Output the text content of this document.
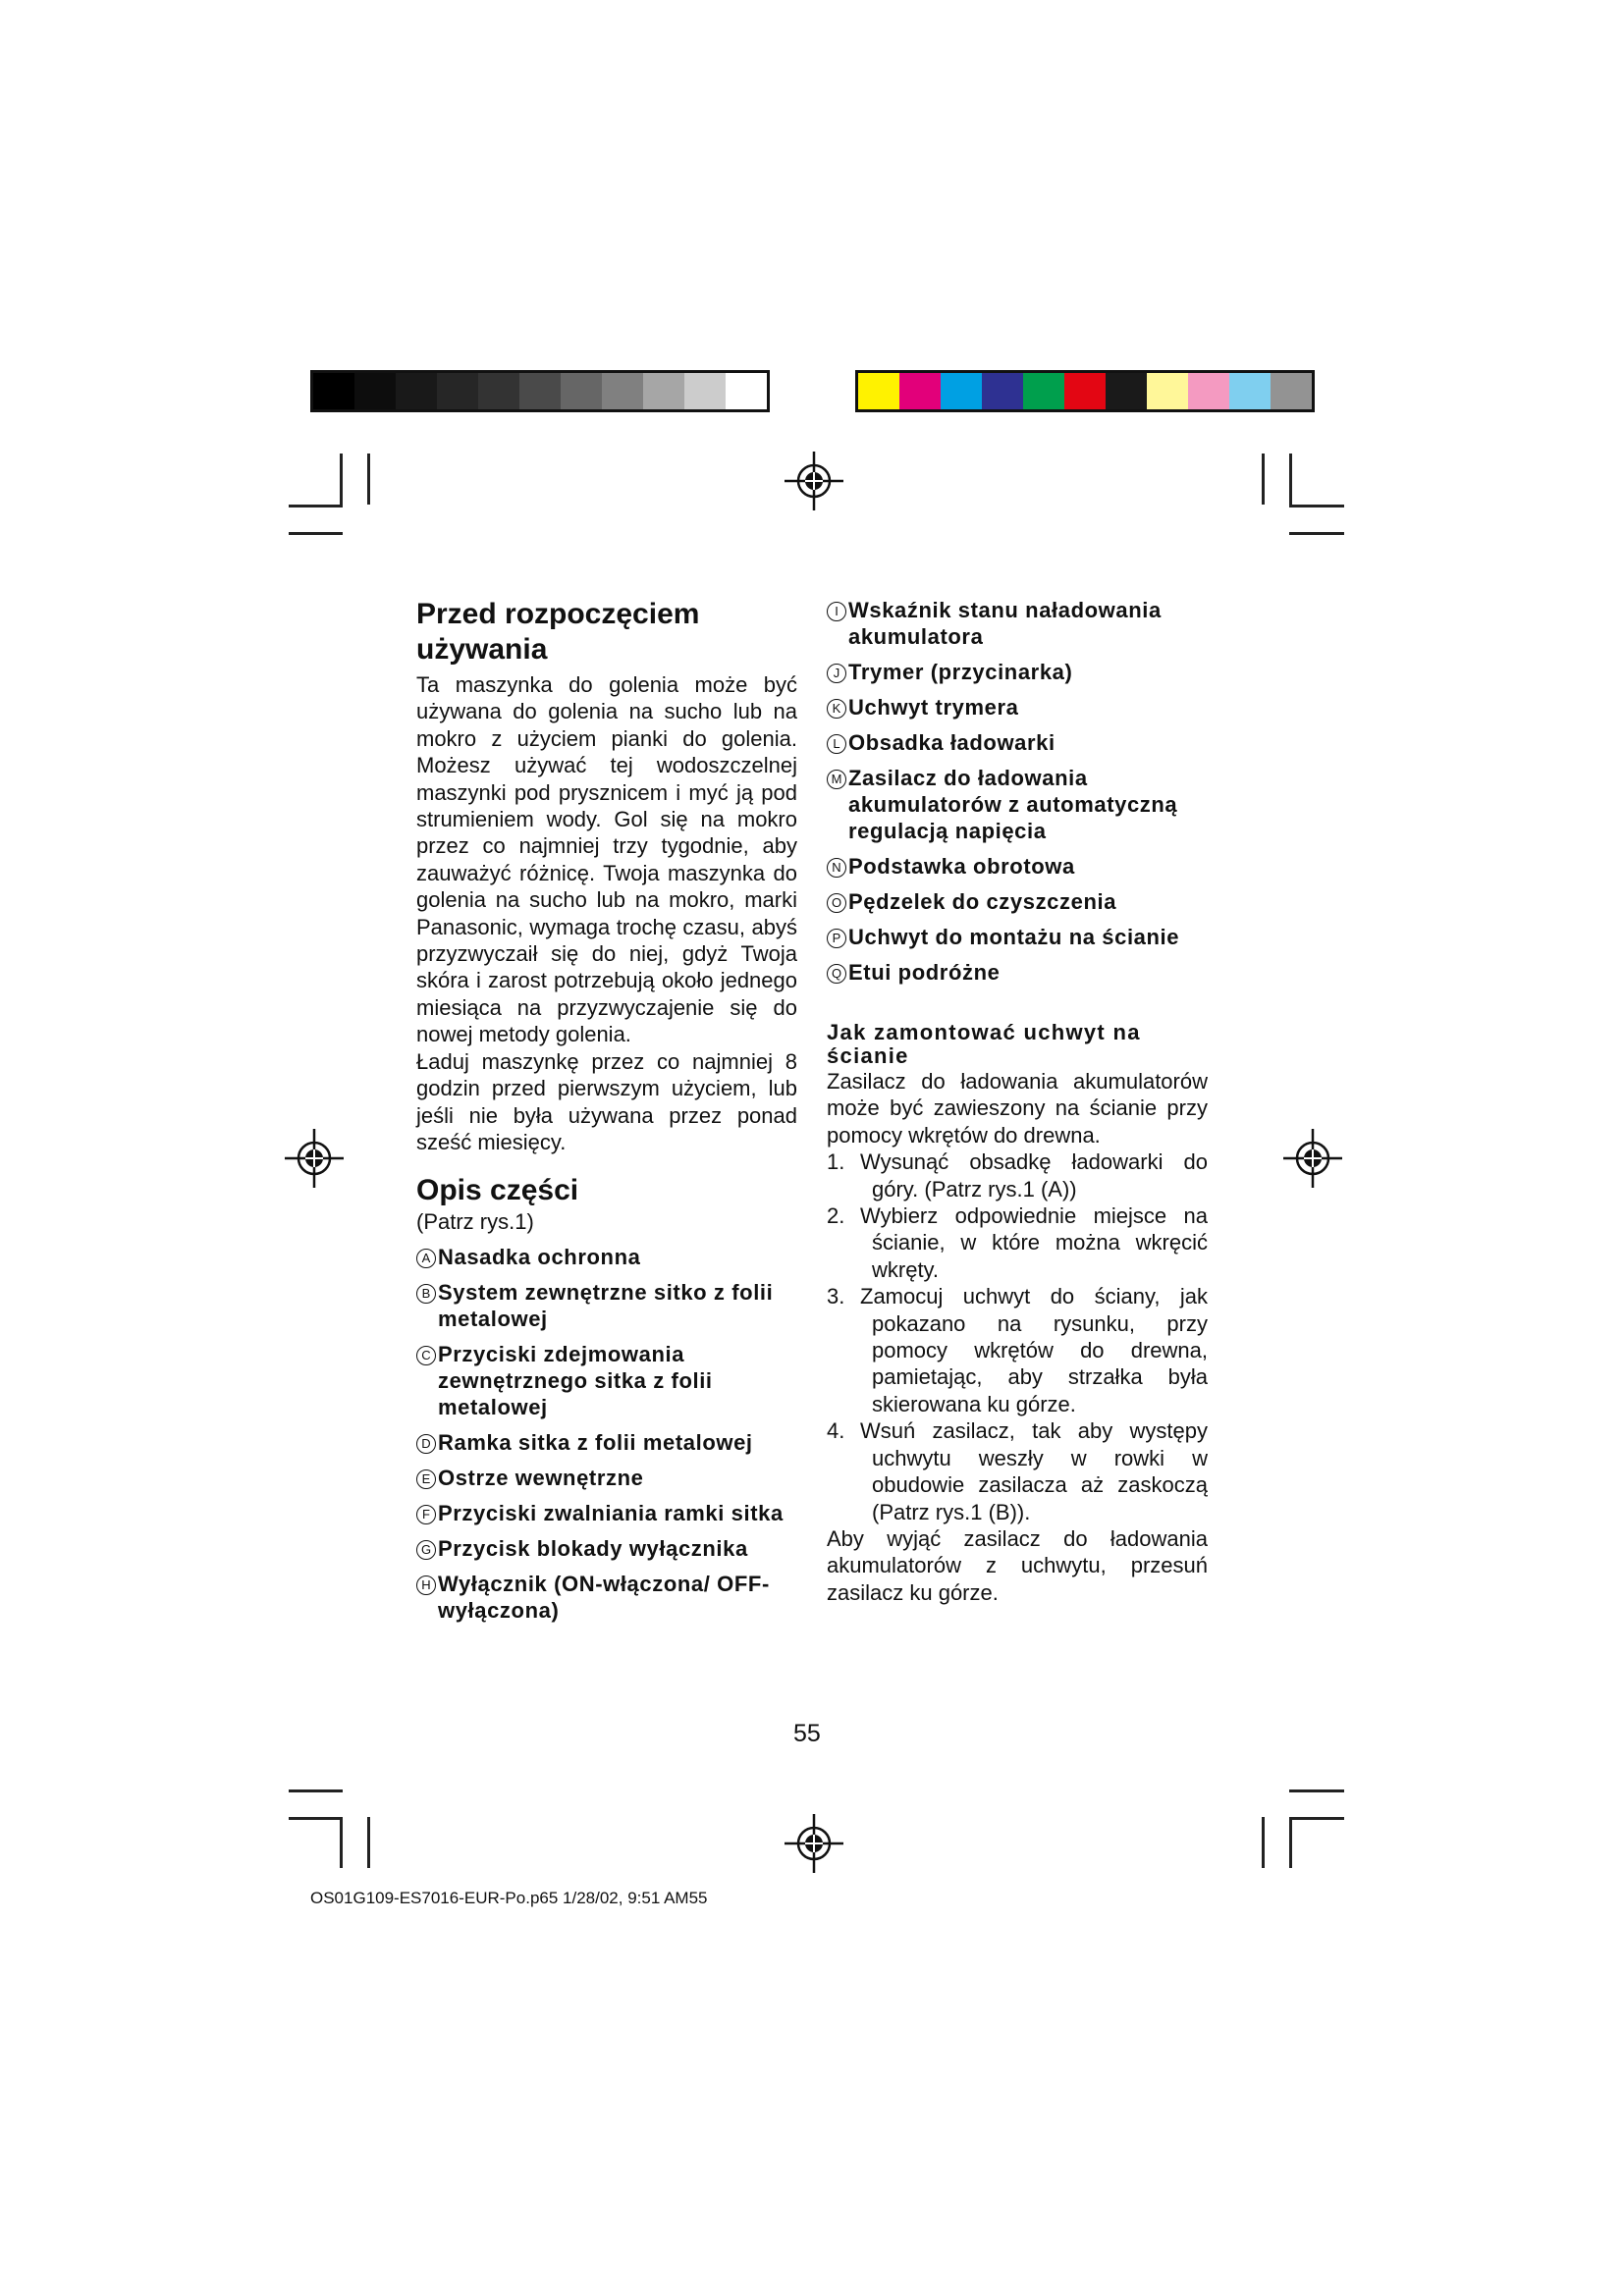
Przed rozpoczęciem
używania

Ta maszynka do golenia może być używana do golenia na sucho lub na mokro z użyciem pianki do golenia. Możesz używać tej wodoszczelnej maszynki pod prysznicem i myć ją pod strumieniem wody. Gol się na mokro przez co najmniej trzy tygodnie, aby zauważyć różnicę. Twoja maszynka do golenia na sucho lub na mokro, marki Panasonic, wymaga trochę czasu, abyś przyzwyczaił się do niej, gdyż Twoja skóra i zarost potrzebują około jednego miesiąca na przyzwyczajenie się do nowej metody golenia.

Ładuj maszynkę przez co najmniej 8 godzin przed pierwszym użyciem, lub jeśli nie była używana przez ponad sześć miesięcy.

Opis części

(Patrz rys.1)

A Nasadka ochronna
B System zewnętrzne sitko z folii metalowej
C Przyciski zdejmowania zewnętrznego sitka z folii metalowej
D Ramka sitka z folii metalowej
E Ostrze wewnętrzne
F Przyciski zwalniania ramki sitka
G Przycisk blokady wyłącznika
H Wyłącznik (ON-włączona/ OFF-wyłączona)
I Wskaźnik stanu naładowania akumulatora
J Trymer (przycinarka)
K Uchwyt trymera
L Obsadka ładowarki
M Zasilacz do ładowania akumulatorów z automatyczną regulacją napięcia
N Podstawka obrotowa
O Pędzelek do czyszczenia
P Uchwyt do montażu na ścianie
Q Etui podróżne
Jak zamontować uchwyt na ścianie

Zasilacz do ładowania akumulatorów może być zawieszony na ścianie przy pomocy wkrętów do drewna.

1. Wysunąć obsadkę ładowarki do góry. (Patrz rys.1 (A))
2. Wybierz odpowiednie miejsce na ścianie, w które można wkręcić wkręty.
3. Zamocuj uchwyt do ściany, jak pokazano na rysunku, przy pomocy wkrętów do drewna, pamietając, aby strzałka była skierowana ku górze.
4. Wsuń zasilacz, tak aby występy uchwytu weszły w rowki w obudowie zasilacza aż zaskoczą (Patrz rys.1 (B)).

Aby wyjąć zasilacz do ładowania akumulatorów z uchwytu, przesuń zasilacz ku górze.

55
OS01G109-ES7016-EUR-Po.p65 1/28/02, 9:51 AM55
